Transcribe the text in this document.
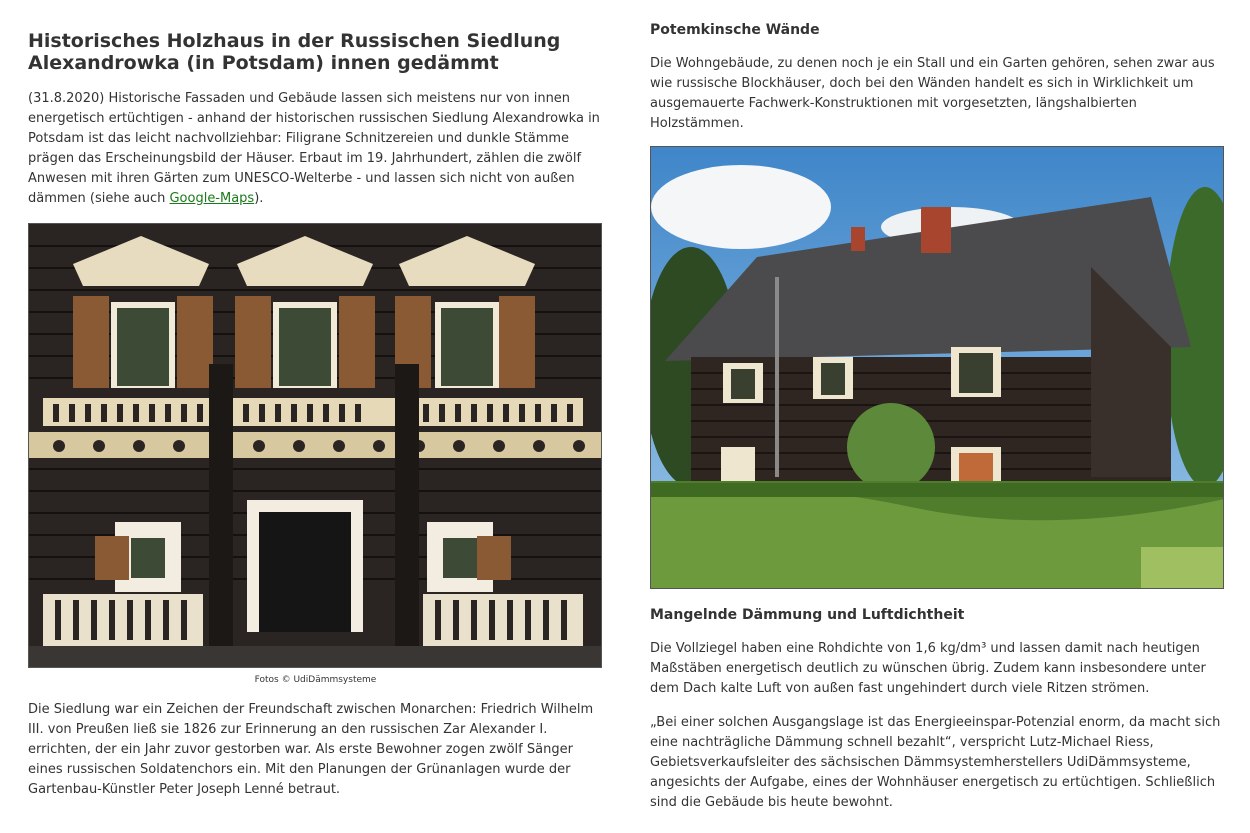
Historisches Holzhaus in der Russischen Siedlung Alexandrowka (in Potsdam) innen gedämmt

(31.8.2020) Historische Fassaden und Gebäude lassen sich meistens nur von innen energetisch ertüchtigen - anhand der historischen russischen Siedlung Alexandrowka in Potsdam ist das leicht nachvollziehbar: Filigrane Schnitzereien und dunkle Stämme prägen das Erscheinungsbild der Häuser. Erbaut im 19. Jahrhundert, zählen die zwölf Anwesen mit ihren Gärten zum UNESCO-Welterbe - und lassen sich nicht von außen dämmen (siehe auch Google-Maps).

Fotos © UdiDämmsysteme

Die Siedlung war ein Zeichen der Freundschaft zwischen Monarchen: Friedrich Wilhelm III. von Preußen ließ sie 1826 zur Erinnerung an den russischen Zar Alexander I. errichten, der ein Jahr zuvor gestorben war. Als erste Bewohner zogen zwölf Sänger eines russischen Soldatenchors ein. Mit den Planungen der Grünanlagen wurde der Gartenbau-Künstler Peter Joseph Lenné betraut.

Potemkinsche Wände

Die Wohngebäude, zu denen noch je ein Stall und ein Garten gehören, sehen zwar aus wie russische Blockhäuser, doch bei den Wänden handelt es sich in Wirklichkeit um ausgemauerte Fachwerk-Konstruktionen mit vorgesetzten, längshalbierten Holzstämmen.

Mangelnde Dämmung und Luftdichtheit

Die Vollziegel haben eine Rohdichte von 1,6 kg/dm³ und lassen damit nach heutigen Maßstäben energetisch deutlich zu wünschen übrig. Zudem kann insbesondere unter dem Dach kalte Luft von außen fast ungehindert durch viele Ritzen strömen.

„Bei einer solchen Ausgangslage ist das Energieeinspar-Potenzial enorm, da macht sich eine nachträgliche Dämmung schnell bezahlt“, verspricht Lutz-Michael Riess, Gebietsverkaufsleiter des sächsischen Dämmsystemherstellers UdiDämmsysteme, angesichts der Aufgabe, eines der Wohnhäuser energetisch zu ertüchtigen. Schließlich sind die Gebäude bis heute bewohnt.
